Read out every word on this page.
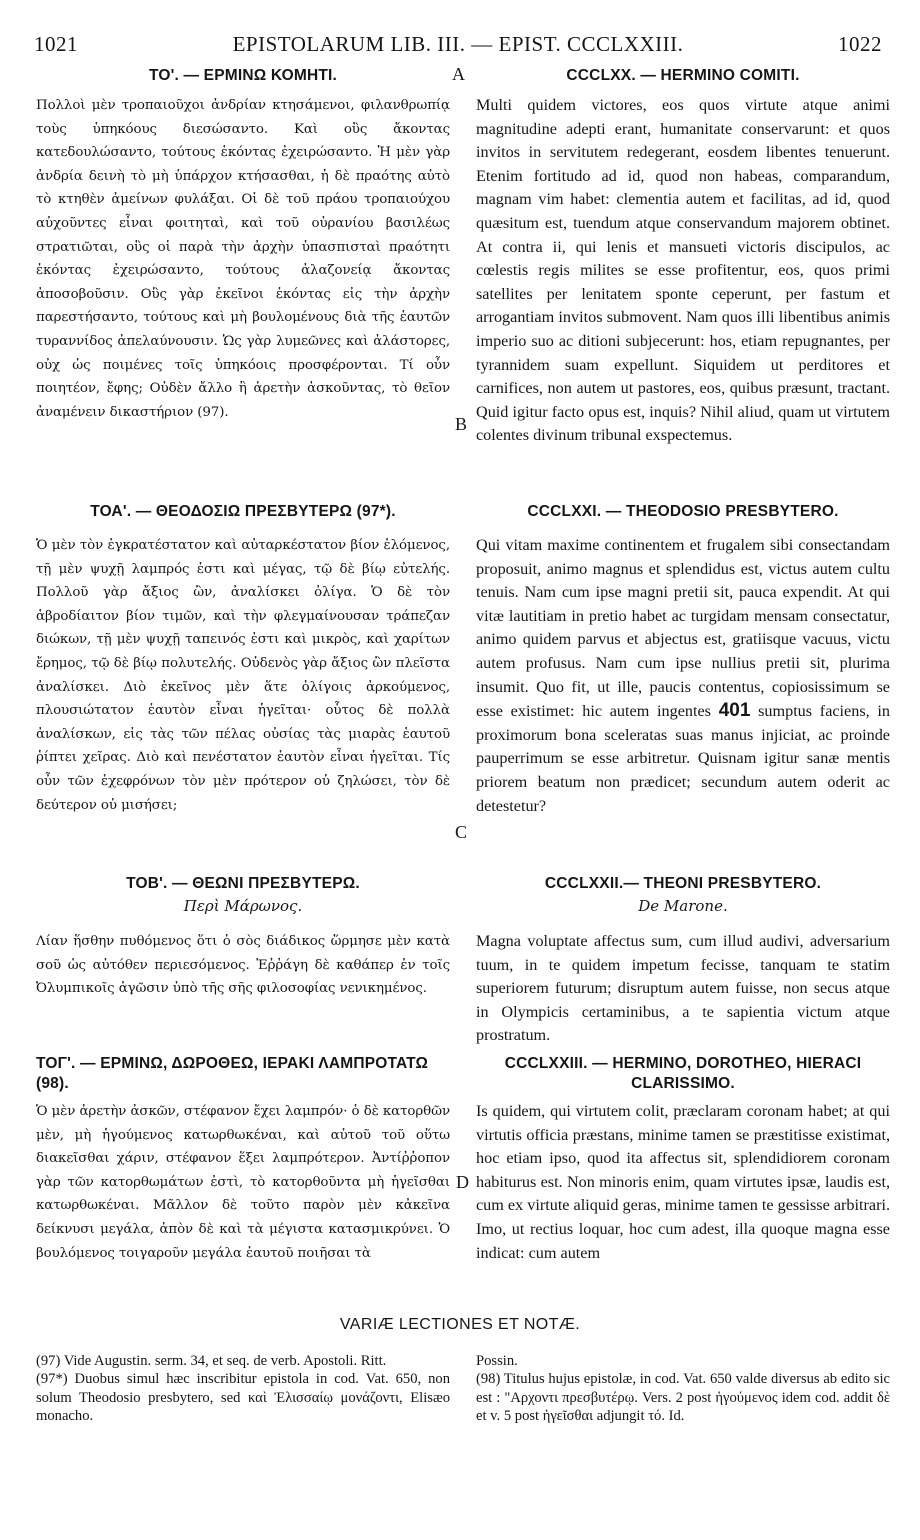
1021	EPISTOLARUM LIB. III. — EPIST. CCCLXXIII.	1022
A
B
C
D
ΤΟ'. — ΕΡΜΙΝΩ ΚΟΜΗΤΙ.	CCCLXX. — HERMINO COMITI.

Πολλοὶ μὲν τροπαιοῦχοι ἀνδρίαν κτησάμενοι, φιλανθρωπίᾳ τοὺς ὑπηκόους διεσώσαντο. Καὶ οὓς ἄκοντας κατεδουλώσαντο, τούτους ἑκόντας ἐχειρώσαντο. Ἡ μὲν γὰρ ἀνδρία δεινὴ τὸ μὴ ὑπάρχον κτήσασθαι, ἡ δὲ πραότης αὐτὸ τὸ κτηθὲν ἀμείνων φυλάξαι. Οἱ δὲ τοῦ πράου τροπαιούχου αὐχοῦντες εἶναι φοιτηταὶ, καὶ τοῦ οὐρανίου βασιλέως στρατιῶται, οὓς οἱ παρὰ τὴν ἀρχὴν ὑπασπισταὶ πραότητι ἑκόντας ἐχειρώσαντο, τούτους ἀλαζονείᾳ ἄκοντας ἀποσοβοῦσιν. Οὓς γὰρ ἐκεῖνοι ἑκόντας εἰς τὴν ἀρχὴν παρεστήσαντο, τούτους καὶ μὴ βουλομένους διὰ τῆς ἑαυτῶν τυραννίδος ἀπελαύνουσιν. Ὡς γὰρ λυμεῶνες καὶ ἀλάστορες, οὐχ ὡς ποιμένες τοῖς ὑπηκόοις προσφέρονται. Τί οὖν ποιητέον, ἔφης; Οὐδὲν ἄλλο ἢ ἀρετὴν ἀσκοῦντας, τὸ θεῖον ἀναμένειν δικαστήριον (97).

Multi quidem victores, eos quos virtute atque animi magnitudine adepti erant, humanitate conservarunt: et quos invitos in servitutem redegerant, eosdem libentes tenuerunt. Etenim fortitudo ad id, quod non habeas, comparandum, magnam vim habet: clementia autem et facilitas, ad id, quod quæsitum est, tuendum atque conservandum majorem obtinet. At contra ii, qui lenis et mansueti victoris discipulos, ac cœlestis regis milites se esse profitentur, eos, quos primi satellites per lenitatem sponte ceperunt, per fastum et arrogantiam invitos submovent. Nam quos illi libentibus animis imperio suo ac ditioni subjecerunt: hos, etiam repugnantes, per tyrannidem suam expellunt. Siquidem ut perditores et carnifices, non autem ut pastores, eos, quibus præsunt, tractant. Quid igitur facto opus est, inquis? Nihil aliud, quam ut virtutem colentes divinum tribunal exspectemus.

ΤΟΑ'. — ΘΕΟΔΟΣΙΩ ΠΡΕΣΒΥΤΕΡΩ (97*).	CCCLXXI. — THEODOSIO PRESBYTERO.

Ὁ μὲν τὸν ἐγκρατέστατον καὶ αὐταρκέστατον βίον ἑλόμενος, τῇ μὲν ψυχῇ λαμπρός ἐστι καὶ μέγας, τῷ δὲ βίῳ εὐτελής. Πολλοῦ γὰρ ἄξιος ὢν, ἀναλίσκει ὀλίγα. Ὁ δὲ τὸν ἁβροδίαιτον βίον τιμῶν, καὶ τὴν φλεγμαίνουσαν τράπεζαν διώκων, τῇ μὲν ψυχῇ ταπεινός ἐστι καὶ μικρὸς, καὶ χαρίτων ἔρημος, τῷ δὲ βίῳ πολυτελής. Οὐδενὸς γὰρ ἄξιος ὢν πλεῖστα ἀναλίσκει. Διὸ ἐκεῖνος μὲν ἅτε ὀλίγοις ἀρκούμενος, πλουσιώτατον ἑαυτὸν εἶναι ἡγεῖται· οὗτος δὲ πολλὰ ἀναλίσκων, εἰς τὰς τῶν πέλας οὐσίας τὰς μιαρὰς ἑαυτοῦ ῥίπτει χεῖρας. Διὸ καὶ πενέστατον ἑαυτὸν εἶναι ἡγεῖται. Τίς οὖν τῶν ἐχεφρόνων τὸν μὲν πρότερον οὐ ζηλώσει, τὸν δὲ δεύτερον οὐ μισήσει;

Qui vitam maxime continentem et frugalem sibi consectandam proposuit, animo magnus et splendidus est, victus autem cultu tenuis. Nam cum ipse magni pretii sit, pauca expendit. At qui vitæ lautitiam in pretio habet ac turgidam mensam consectatur, animo quidem parvus et abjectus est, gratiisque vacuus, victu autem profusus. Nam cum ipse nullius pretii sit, plurima insumit. Quo fit, ut ille, paucis contentus, copiosissimum se esse existimet: hic autem ingentes 401 sumptus faciens, in proximorum bona sceleratas suas manus injiciat, ac proinde pauperrimum se esse arbitretur. Quisnam igitur sanæ mentis priorem beatum non prædicet; secundum autem oderit ac detestetur?

ΤΟΒ'. — ΘΕΩΝΙ ΠΡΕΣΒΥΤΕΡΩ.

Περὶ Μάρωνος.

CCCLXXII.— THEONI PRESBYTERO.

De Marone.

Λίαν ἥσθην πυθόμενος ὅτι ὁ σὸς διάδικος ὥρμησε μὲν κατὰ σοῦ ὡς αὐτόθεν περιεσόμενος. Ἐῤῥάγη δὲ καθάπερ ἐν τοῖς Ὀλυμπικοῖς ἀγῶσιν ὑπὸ τῆς σῆς φιλοσοφίας νενικημένος.

Magna voluptate affectus sum, cum illud audivi, adversarium tuum, in te quidem impetum fecisse, tanquam te statim superiorem futurum; disruptum autem fuisse, non secus atque in Olympicis certaminibus, a te sapientia victum atque prostratum.

ΤΟΓ'. — ΕΡΜΙΝΩ, ΔΩΡΟΘΕΩ, ΙΕΡΑΚΙ ΛΑΜΠΡΟΤΑΤΩ (98).
CCCLXXIII. — HERMINO, DOROTHEO, HIERACI CLARISSIMO.

Ὁ μὲν ἀρετὴν ἀσκῶν, στέφανον ἔχει λαμπρόν· ὁ δὲ κατορθῶν μὲν, μὴ ἡγούμενος κατωρθωκέναι, καὶ αὐτοῦ τοῦ οὕτω διακεῖσθαι χάριν, στέφανον ἕξει λαμπρότερον. Ἀντίῤῥοπον γὰρ τῶν κατορθωμάτων ἐστὶ, τὸ κατορθοῦντα μὴ ἡγεῖσθαι κατωρθωκέναι. Μᾶλλον δὲ τοῦτο παρὸν μὲν κἀκεῖνα δείκνυσι μεγάλα, ἀπὸν δὲ καὶ τὰ μέγιστα κατασμικρύνει. Ὁ βουλόμενος τοιγαροῦν μεγάλα ἑαυτοῦ ποιῆσαι τὰ

Is quidem, qui virtutem colit, præclaram coronam habet; at qui virtutis officia præstans, minime tamen se præstitisse existimat, hoc etiam ipso, quod ita affectus sit, splendidiorem coronam habiturus est. Non minoris enim, quam virtutes ipsæ, laudis est, cum ex virtute aliquid geras, minime tamen te gessisse arbitrari. Imo, ut rectius loquar, hoc cum adest, illa quoque magna esse indicat: cum autem

VARIÆ LECTIONES ET NOTÆ.

(97) Vide Augustin. serm. 34, et seq. de verb. Apostoli. Ritt.

(97*) Duobus simul hæc inscribitur epistola in cod. Vat. 650, non solum Theodosio presbytero, sed καὶ Ἐλισσαίῳ μονάζοντι, Elisæo monacho.

Possin.

(98) Titulus hujus epistolæ, in cod. Vat. 650 valde diversus ab edito sic est : "Αρχοντι πρεσβυτέρῳ. Vers. 2 post ἡγούμενος idem cod. addit δὲ et v. 5 post ἡγεῖσθαι adjungit τό. Id.
